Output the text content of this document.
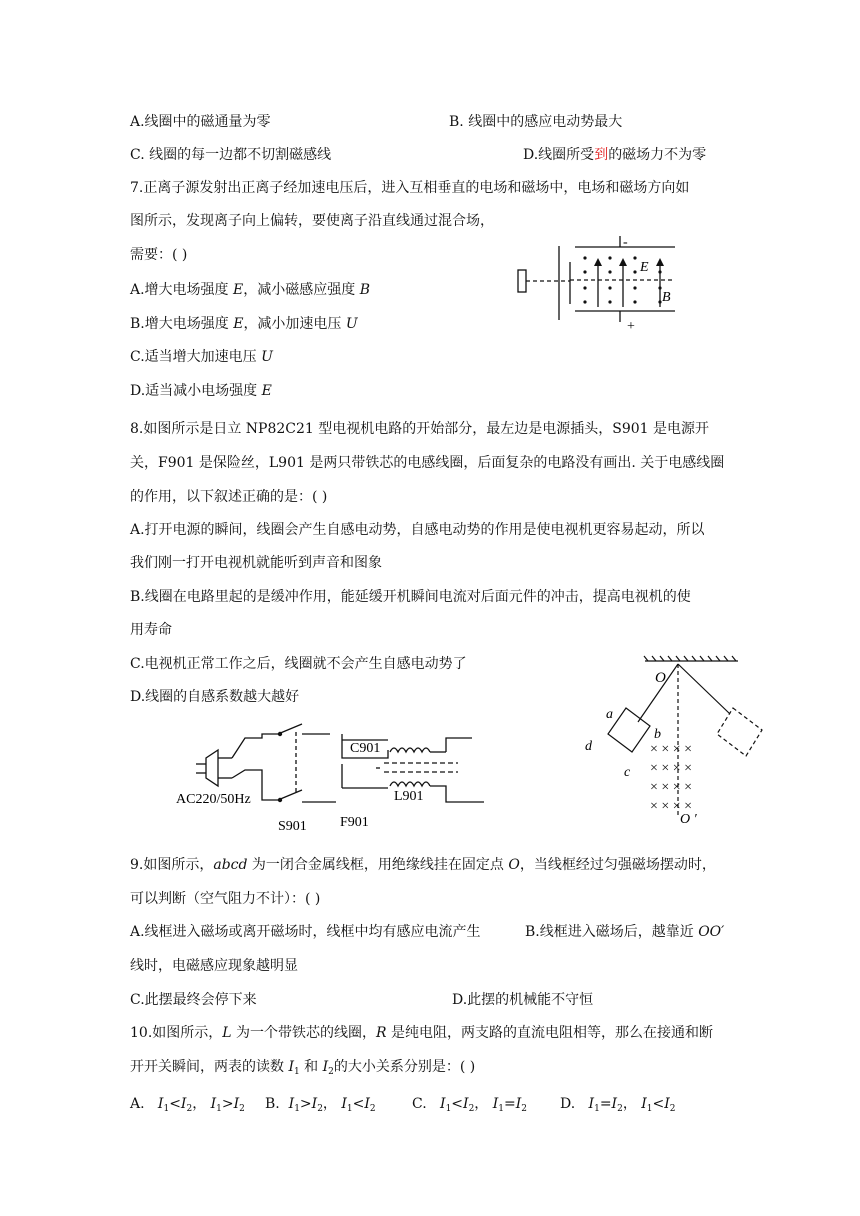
A.线圈中的磁通量为零	B. 线圈中的感应电动势最大
C. 线圈的每一边都不切割磁感线	D.线圈所受到的磁场力不为零
7.正离子源发射出正离子经加速电压后，进入互相垂直的电场和磁场中，电场和磁场方向如
图所示，发现离子向上偏转，要使离子沿直线通过混合场，
需要：( )
A.增大电场强度 E，减小磁感应强度 B
B.增大电场强度 E，减小加速电压 U
C.适当增大加速电压 U
D.适当减小电场强度 E
-
+
E
B
8.如图所示是日立 NP82C21 型电视机电路的开始部分，最左边是电源插头，S901 是电源开
关，F901 是保险丝，L901 是两只带铁芯的电感线圈，后面复杂的电路没有画出. 关于电感线圈
的作用，以下叙述正确的是：( )
A.打开电源的瞬间，线圈会产生自感电动势，自感电动势的作用是使电视机更容易起动，所以
我们刚一打开电视机就能听到声音和图象
B.线圈在电路里起的是缓冲作用，能延缓开机瞬间电流对后面元件的冲击，提高电视机的使
用寿命
C.电视机正常工作之后，线圈就不会产生自感电动势了
D.线圈的自感系数越大越好
AC220/50Hz
S901 F901
C901
L901
× × × ×
× × × ×
× × × ×
× × × ×
O
O ′
a
b
c
d
9.如图所示，abcd 为一闭合金属线框，用绝缘线挂在固定点 O，当线框经过匀强磁场摆动时，
可以判断（空气阻力不计）：( )
A.线框进入磁场或离开磁场时，线框中均有感应电流产生	B.线框进入磁场后，越靠近 OO′
线时，电磁感应现象越明显
C.此摆最终会停下来	D.此摆的机械能不守恒
10.如图所示，L 为一个带铁芯的线圈，R 是纯电阻，两支路的直流电阻相等，那么在接通和断
开开关瞬间，两表的读数 $I_1$ 和 $I_2$的大小关系分别是：( )
A. $I_1<I_2$， $I_1>I_2$ B. $I_1>I_2$， $I_1<I_2$	C. $I_1<I_2$， $I_1=I_2$ D. $I_1=I_2$， $I_1<I_2$
